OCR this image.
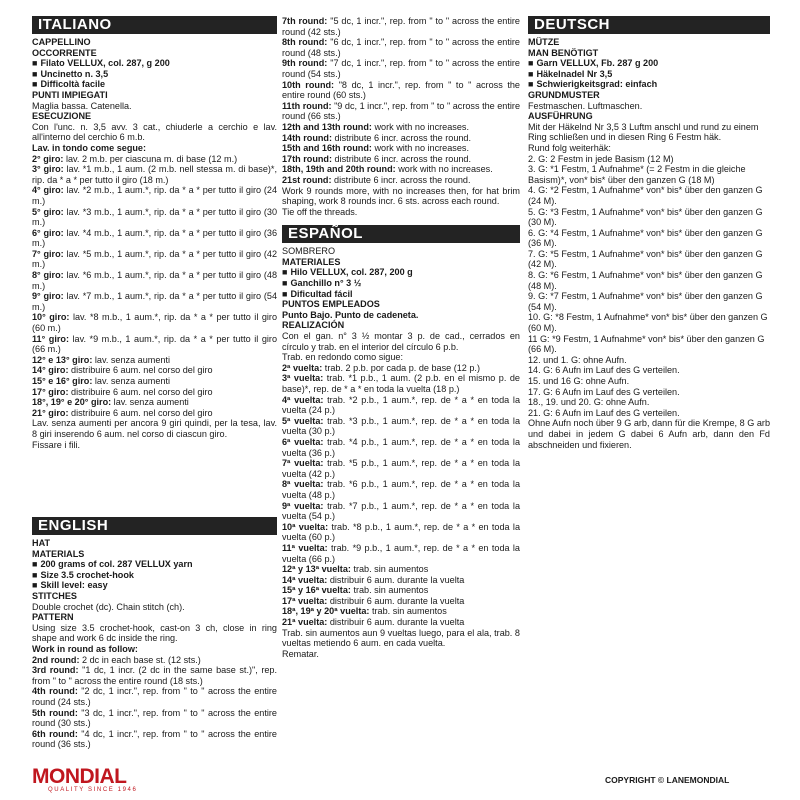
ITALIANO

CAPPELLINO

OCCORRENTE

■ Filato VELLUX, col. 287, g 200

■ Uncinetto n. 3,5

■ Difficoltà facile

PUNTI IMPIEGATI

Maglia bassa. Catenella.

ESECUZIONE

Con l'unc. n. 3,5 avv. 3 cat., chiuderle a cerchio e lav. all'interno del cerchio 6 m.b.

Lav. in tondo come segue:

2° giro: lav. 2 m.b. per ciascuna m. di base (12 m.)

3° giro: lav. *1 m.b., 1 aum. (2 m.b. nell stessa m. di base)*, rip. da * a * per tutto il giro (18 m.)

4° giro: lav. *2 m.b., 1 aum.*, rip. da * a * per tutto il giro (24 m.)

5° giro: lav. *3 m.b., 1 aum.*, rip. da * a * per tutto il giro (30 m.)

6° giro: lav. *4 m.b., 1 aum.*, rip. da * a * per tutto il giro (36 m.)

7° giro: lav. *5 m.b., 1 aum.*, rip. da * a * per tutto il giro (42 m.)

8° giro: lav. *6 m.b., 1 aum.*, rip. da * a * per tutto il giro (48 m.)

9° giro: lav. *7 m.b., 1 aum.*, rip. da * a * per tutto il giro (54 m.)

10° giro: lav. *8 m.b., 1 aum.*, rip. da * a * per tutto il giro (60 m.)

11° giro: lav. *9 m.b., 1 aum.*, rip. da * a * per tutto il giro (66 m.)

12° e 13° giro: lav. senza aumenti

14° giro: distribuire 6 aum. nel corso del giro

15° e 16° giro: lav. senza aumenti

17° giro: distribuire 6 aum. nel corso del giro

18°, 19° e 20° giro: lav. senza aumenti

21° giro: distribuire 6 aum. nel corso del giro

Lav. senza aumenti per ancora 9 giri quindi, per la tesa, lav. 8 giri inserendo 6 aum. nel corso di ciascun giro.

Fissare i fili.

ENGLISH

HAT

MATERIALS

■ 200 grams of col. 287 VELLUX yarn

■ Size 3.5 crochet-hook

■ Skill level: easy

STITCHES

Double crochet (dc). Chain stitch (ch).

PATTERN

Using size 3.5 crochet-hook, cast-on 3 ch, close in ring shape and work 6 dc inside the ring.

Work in round as follow:

2nd round: 2 dc in each base st. (12 sts.)

3rd round: "1 dc, 1 incr. (2 dc in the same base st.)", rep. from " to " across the entire round (18 sts.)

4th round: "2 dc, 1 incr.", rep. from " to " across the entire round (24 sts.)

5th round: "3 dc, 1 incr.", rep. from " to " across the entire round (30 sts.)

6th round: "4 dc, 1 incr.", rep. from " to " across the entire round (36 sts.)

7th round: "5 dc, 1 incr.", rep. from " to " across the entire round (42 sts.)

8th round: "6 dc, 1 incr.", rep. from " to " across the entire round (48 sts.)

9th round: "7 dc, 1 incr.", rep. from " to " across the entire round (54 sts.)

10th round: "8 dc, 1 incr.", rep. from " to " across the entire round (60 sts.)

11th round: "9 dc, 1 incr.", rep. from " to " across the entire round (66 sts.)

12th and 13th round: work with no increases.

14th round: distribute 6 incr. across the round.

15th and 16th round: work with no increases.

17th round: distribute 6 incr. across the round.

18th, 19th and 20th round: work with no increases.

21st round: distribute 6 incr. across the round.

Work 9 rounds more, with no increases then, for hat brim shaping, work 8 rounds incr. 6 sts. across each round.

Tie off the threads.

ESPAÑOL

SOMBRERO

MATERIALES

■ Hilo VELLUX, col. 287, 200 g

■ Ganchillo n° 3 ½

■ Dificultad fácil

PUNTOS EMPLEADOS

Punto Bajo. Punto de cadeneta.

REALIZACIÓN

Con el gan. n° 3 ½ montar 3 p. de cad., cerrados en círculo y trab. en el interior del círculo 6 p.b.

Trab. en redondo como sigue:

2ª vuelta: trab. 2 p.b. por cada p. de base (12 p.)

3ª vuelta: trab. *1 p.b., 1 aum. (2 p.b. en el mismo p. de base)*, rep. de * a * en toda la vuelta (18 p.)

4ª vuelta: trab. *2 p.b., 1 aum.*, rep. de * a * en toda la vuelta (24 p.)

5ª vuelta: trab. *3 p.b., 1 aum.*, rep. de * a * en toda la vuelta (30 p.)

6ª vuelta: trab. *4 p.b., 1 aum.*, rep. de * a * en toda la vuelta (36 p.)

7ª vuelta: trab. *5 p.b., 1 aum.*, rep. de * a * en toda la vuelta (42 p.)

8ª vuelta: trab. *6 p.b., 1 aum.*, rep. de * a * en toda la vuelta (48 p.)

9ª vuelta: trab. *7 p.b., 1 aum.*, rep. de * a * en toda la vuelta (54 p.)

10ª vuelta: trab. *8 p.b., 1 aum.*, rep. de * a * en toda la vuelta (60 p.)

11ª vuelta: trab. *9 p.b., 1 aum.*, rep. de * a * en toda la vuelta (66 p.)

12ª y 13ª vuelta: trab. sin aumentos

14ª vuelta: distribuir 6 aum. durante la vuelta

15ª y 16ª vuelta: trab. sin aumentos

17ª vuelta: distribuir 6 aum. durante la vuelta

18ª, 19ª y 20ª vuelta: trab. sin aumentos

21ª vuelta: distribuir 6 aum. durante la vuelta

Trab. sin aumentos aun 9 vueltas luego, para el ala, trab. 8 vueltas metiendo 6 aum. en cada vuelta.

Rematar.

DEUTSCH

MÜTZE

MAN BENÖTIGT

■ Garn VELLUX, Fb. 287 g 200

■ Häkelnadel Nr 3,5

■ Schwierigkeitsgrad: einfach

GRUNDMUSTER

Festmaschen. Luftmaschen.

AUSFÜHRUNG

Mit der Häkelnd Nr 3,5 3 Luftm anschl und rund zu einem Ring schließen und in diesen Ring 6 Festm häk.

Rund folg weiterhäk:

2. G: 2 Festm in jede Basism (12 M)

3. G: *1 Festm, 1 Aufnahme* (= 2 Festm in die gleiche Basism)*, von* bis* über den ganzen G (18 M)

4. G: *2 Festm, 1 Aufnahme* von* bis* über den ganzen G (24 M).

5. G: *3 Festm, 1 Aufnahme* von* bis* über den ganzen G (30 M).

6. G: *4 Festm, 1 Aufnahme* von* bis* über den ganzen G (36 M).

7. G: *5 Festm, 1 Aufnahme* von* bis* über den ganzen G (42 M).

8. G: *6 Festm, 1 Aufnahme* von* bis* über den ganzen G (48 M).

9. G: *7 Festm, 1 Aufnahme* von* bis* über den ganzen G (54 M).

10. G: *8 Festm, 1 Aufnahme* von* bis* über den ganzen G (60 M).

11 G: *9 Festm, 1 Aufnahme* von* bis* über den ganzen G (66 M).

12. und 1. G: ohne Aufn.

14. G: 6 Aufn im Lauf des G verteilen.

15. und 16 G: ohne Aufn.

17. G: 6 Aufn im Lauf des G verteilen.

18., 19. und 20. G: ohne Aufn.

21. G: 6 Aufn im Lauf des G verteilen.

Ohne Aufn noch über 9 G arb, dann für die Krempe, 8 G arb und dabei in jedem G dabei 6 Aufn arb, dann den Fd abschneiden und fixieren.

MONDIAL
QUALITY SINCE 1946
COPYRIGHT © LANEMONDIAL
